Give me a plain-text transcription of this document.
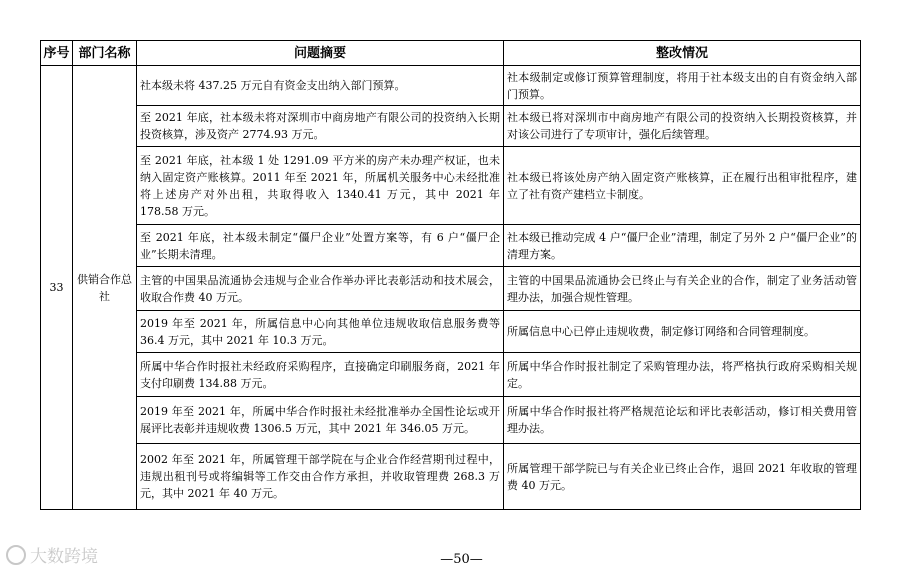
序号	部门名称	问题摘要	整改情况
33	供销合作总社	社本级未将 437.25 万元自有资金支出纳入部门预算。	社本级制定或修订预算管理制度，将用于社本级支出的自有资金纳入部门预算。
		至 2021 年底，社本级未将对深圳市中商房地产有限公司的投资纳入长期投资核算，涉及资产 2774.93 万元。	社本级已将对深圳市中商房地产有限公司的投资纳入长期投资核算，并对该公司进行了专项审计，强化后续管理。
		至 2021 年底，社本级 1 处 1291.09 平方米的房产未办理产权证，也未纳入固定资产账核算。2011 年至 2021 年，所属机关服务中心未经批准将上述房产对外出租，共取得收入 1340.41 万元，其中 2021 年 178.58 万元。	社本级已将该处房产纳入固定资产账核算，正在履行出租审批程序，建立了社有资产建档立卡制度。
		至 2021 年底，社本级未制定“僵尸企业”处置方案等，有 6 户“僵尸企业”长期未清理。	社本级已推动完成 4 户“僵尸企业”清理，制定了另外 2 户“僵尸企业”的清理方案。
		主管的中国果品流通协会违规与企业合作举办评比表彰活动和技术展会，收取合作费 40 万元。	主管的中国果品流通协会已终止与有关企业的合作，制定了业务活动管理办法，加强合规性管理。
		2019 年至 2021 年，所属信息中心向其他单位违规收取信息服务费等 36.4 万元，其中 2021 年 10.3 万元。	所属信息中心已停止违规收费，制定修订网络和合同管理制度。
		所属中华合作时报社未经政府采购程序，直接确定印刷服务商，2021 年支付印刷费 134.88 万元。	所属中华合作时报社制定了采购管理办法，将严格执行政府采购相关规定。
		2019 年至 2021 年，所属中华合作时报社未经批准举办全国性论坛或开展评比表彰并违规收费 1306.5 万元，其中 2021 年 346.05 万元。	所属中华合作时报社将严格规范论坛和评比表彰活动，修订相关费用管理办法。
		2002 年至 2021 年，所属管理干部学院在与企业合作经营期刊过程中，违规出租刊号或将编辑等工作交由合作方承担，并收取管理费 268.3 万元，其中 2021 年 40 万元。	所属管理干部学院已与有关企业已终止合作，退回 2021 年收取的管理费 40 万元。
大数跨境	—50—
